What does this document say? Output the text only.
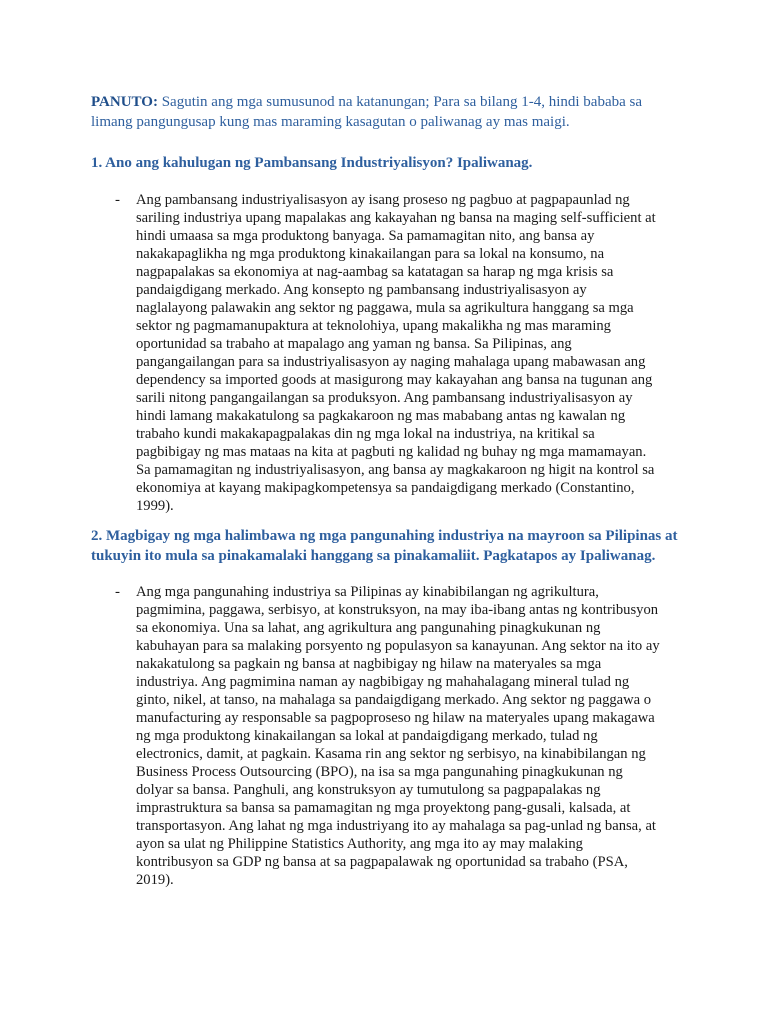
PANUTO: Sagutin ang mga sumusunod na katanungan; Para sa bilang 1-4, hindi bababa sa limang pangungusap kung mas maraming kasagutan o paliwanag ay mas maigi.

1. Ano ang kahulugan ng Pambansang Industriyalisyon? Ipaliwanag.

- Ang pambansang industriyalisasyon ay isang proseso ng pagbuo at pagpapaunlad ng
sariling industriya upang mapalakas ang kakayahan ng bansa na maging self-sufficient at
hindi umaasa sa mga produktong banyaga. Sa pamamagitan nito, ang bansa ay
nakakapaglikha ng mga produktong kinakailangan para sa lokal na konsumo, na
nagpapalakas sa ekonomiya at nag-aambag sa katatagan sa harap ng mga krisis sa
pandaigdigang merkado. Ang konsepto ng pambansang industriyalisasyon ay
naglalayong palawakin ang sektor ng paggawa, mula sa agrikultura hanggang sa mga
sektor ng pagmamanupaktura at teknolohiya, upang makalikha ng mas maraming
oportunidad sa trabaho at mapalago ang yaman ng bansa. Sa Pilipinas, ang
pangangailangan para sa industriyalisasyon ay naging mahalaga upang mabawasan ang
dependency sa imported goods at masigurong may kakayahan ang bansa na tugunan ang
sarili nitong pangangailangan sa produksyon. Ang pambansang industriyalisasyon ay
hindi lamang makakatulong sa pagkakaroon ng mas mababang antas ng kawalan ng
trabaho kundi makakapagpalakas din ng mga lokal na industriya, na kritikal sa
pagbibigay ng mas mataas na kita at pagbuti ng kalidad ng buhay ng mga mamamayan.
Sa pamamagitan ng industriyalisasyon, ang bansa ay magkakaroon ng higit na kontrol sa
ekonomiya at kayang makipagkompetensya sa pandaigdigang merkado (Constantino,
1999).

2. Magbigay ng mga halimbawa ng mga pangunahing industriya na mayroon sa Pilipinas at tukuyin ito mula sa pinakamalaki hanggang sa pinakamaliit. Pagkatapos ay Ipaliwanag.

- Ang mga pangunahing industriya sa Pilipinas ay kinabibilangan ng agrikultura,
pagmimina, paggawa, serbisyo, at konstruksyon, na may iba-ibang antas ng kontribusyon
sa ekonomiya. Una sa lahat, ang agrikultura ang pangunahing pinagkukunan ng
kabuhayan para sa malaking porsyento ng populasyon sa kanayunan. Ang sektor na ito ay
nakakatulong sa pagkain ng bansa at nagbibigay ng hilaw na materyales sa mga
industriya. Ang pagmimina naman ay nagbibigay ng mahahalagang mineral tulad ng
ginto, nikel, at tanso, na mahalaga sa pandaigdigang merkado. Ang sektor ng paggawa o
manufacturing ay responsable sa pagpoproseso ng hilaw na materyales upang makagawa
ng mga produktong kinakailangan sa lokal at pandaigdigang merkado, tulad ng
electronics, damit, at pagkain. Kasama rin ang sektor ng serbisyo, na kinabibilangan ng
Business Process Outsourcing (BPO), na isa sa mga pangunahing pinagkukunan ng
dolyar sa bansa. Panghuli, ang konstruksyon ay tumutulong sa pagpapalakas ng
imprastruktura sa bansa sa pamamagitan ng mga proyektong pang-gusali, kalsada, at
transportasyon. Ang lahat ng mga industriyang ito ay mahalaga sa pag-unlad ng bansa, at
ayon sa ulat ng Philippine Statistics Authority, ang mga ito ay may malaking
kontribusyon sa GDP ng bansa at sa pagpapalawak ng oportunidad sa trabaho (PSA,
2019).
